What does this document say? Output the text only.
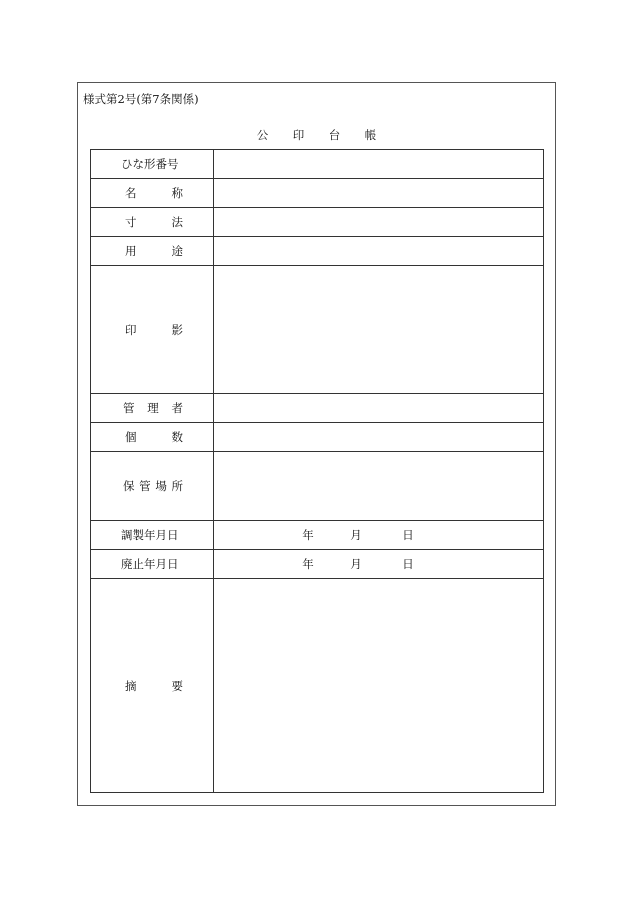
様式第2号(第7条関係)
公	印	台	帳
ひな形番号	

名 称	

寸 法	

用 途	

印 影	

管 理 者	

個 数	

保 管 場 所	

調製年月日	年 月 日

廃止年月日	年 月 日

摘 要	
